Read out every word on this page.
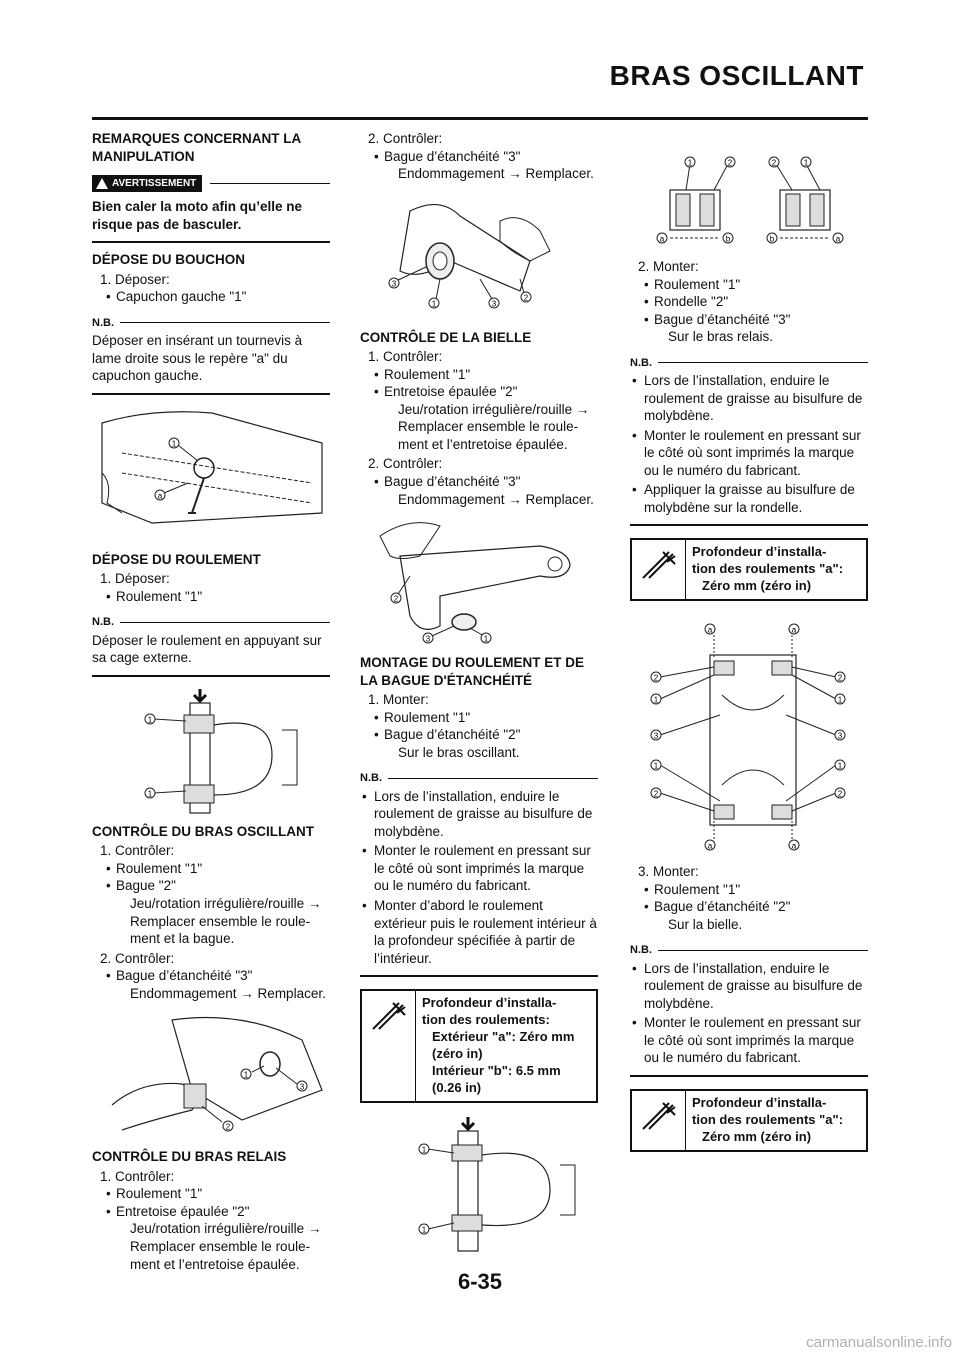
BRAS OSCILLANT
REMARQUES CONCERNANT LA MANIPULATION
AVERTISSEMENT
Bien caler la moto afin qu’elle ne risque pas de basculer.
DÉPOSE DU BOUCHON
1. Déposer:
• Capuchon gauche "1"
N.B.
Déposer en insérant un tournevis à lame droite sous le repère "a" du capuchon gauche.
1
a
DÉPOSE DU ROULEMENT
1. Déposer:
• Roulement "1"
N.B.
Déposer le roulement en appuyant sur sa cage externe.
1
1
CONTRÔLE DU BRAS OSCILLANT
1. Contrôler:
• Roulement "1"
• Bague "2"
Jeu/rotation irrégulière/rouille →
Remplacer ensemble le roule-
ment et la bague.
2. Contrôler:
• Bague d’étanchéité "3"
Endommagement → Remplacer.
1
3
2
CONTRÔLE DU BRAS RELAIS
1. Contrôler:
• Roulement "1"
• Entretoise épaulée "2"
Jeu/rotation irrégulière/rouille →
Remplacer ensemble le roule-
ment et l’entretoise épaulée.
2. Contrôler:
• Bague d’étanchéité "3"
Endommagement → Remplacer.
3
1	3
2
CONTRÔLE DE LA BIELLE
1. Contrôler:
• Roulement "1"
• Entretoise épaulée "2"
Jeu/rotation irrégulière/rouille →
Remplacer ensemble le roule-
ment et l’entretoise épaulée.
2. Contrôler:
• Bague d’étanchéité "3"
Endommagement → Remplacer.
2
3	1
MONTAGE DU ROULEMENT ET DE LA BAGUE D'ÉTANCHÉITÉ
1. Monter:
• Roulement "1"
• Bague d’étanchéité "2"
Sur le bras oscillant.
N.B.
• Lors de l’installation, enduire le roulement de graisse au bisulfure de molybdène.
• Monter le roulement en pressant sur le côté où sont imprimés la marque ou le numéro du fabricant.
• Monter d’abord le roulement extérieur puis le roulement intérieur à la profondeur spécifiée à partir de l’intérieur.
Profondeur d’installa-
tion des roulements:
Extérieur "a": Zéro mm
(zéro in)
Intérieur "b": 6.5 mm
(0.26 in)
1
1
1	2	2	1
a	b	b	a
2. Monter:
• Roulement "1"
• Rondelle "2"
• Bague d’étanchéité "3"
Sur le bras relais.
N.B.
• Lors de l’installation, enduire le roulement de graisse au bisulfure de molybdène.
• Monter le roulement en pressant sur le côté où sont imprimés la marque ou le numéro du fabricant.
• Appliquer la graisse au bisulfure de molybdène sur la rondelle.
Profondeur d’installa-
tion des roulements "a":
Zéro mm (zéro in)
a	a
a	a
2
1
3
1
2
2
1
3
1
2
3. Monter:
• Roulement "1"
• Bague d’étanchéité "2"
Sur la bielle.
N.B.
• Lors de l’installation, enduire le roulement de graisse au bisulfure de molybdène.
• Monter le roulement en pressant sur le côté où sont imprimés la marque ou le numéro du fabricant.
Profondeur d’installa-
tion des roulements "a":
Zéro mm (zéro in)
6-35
carmanualsonline.info
